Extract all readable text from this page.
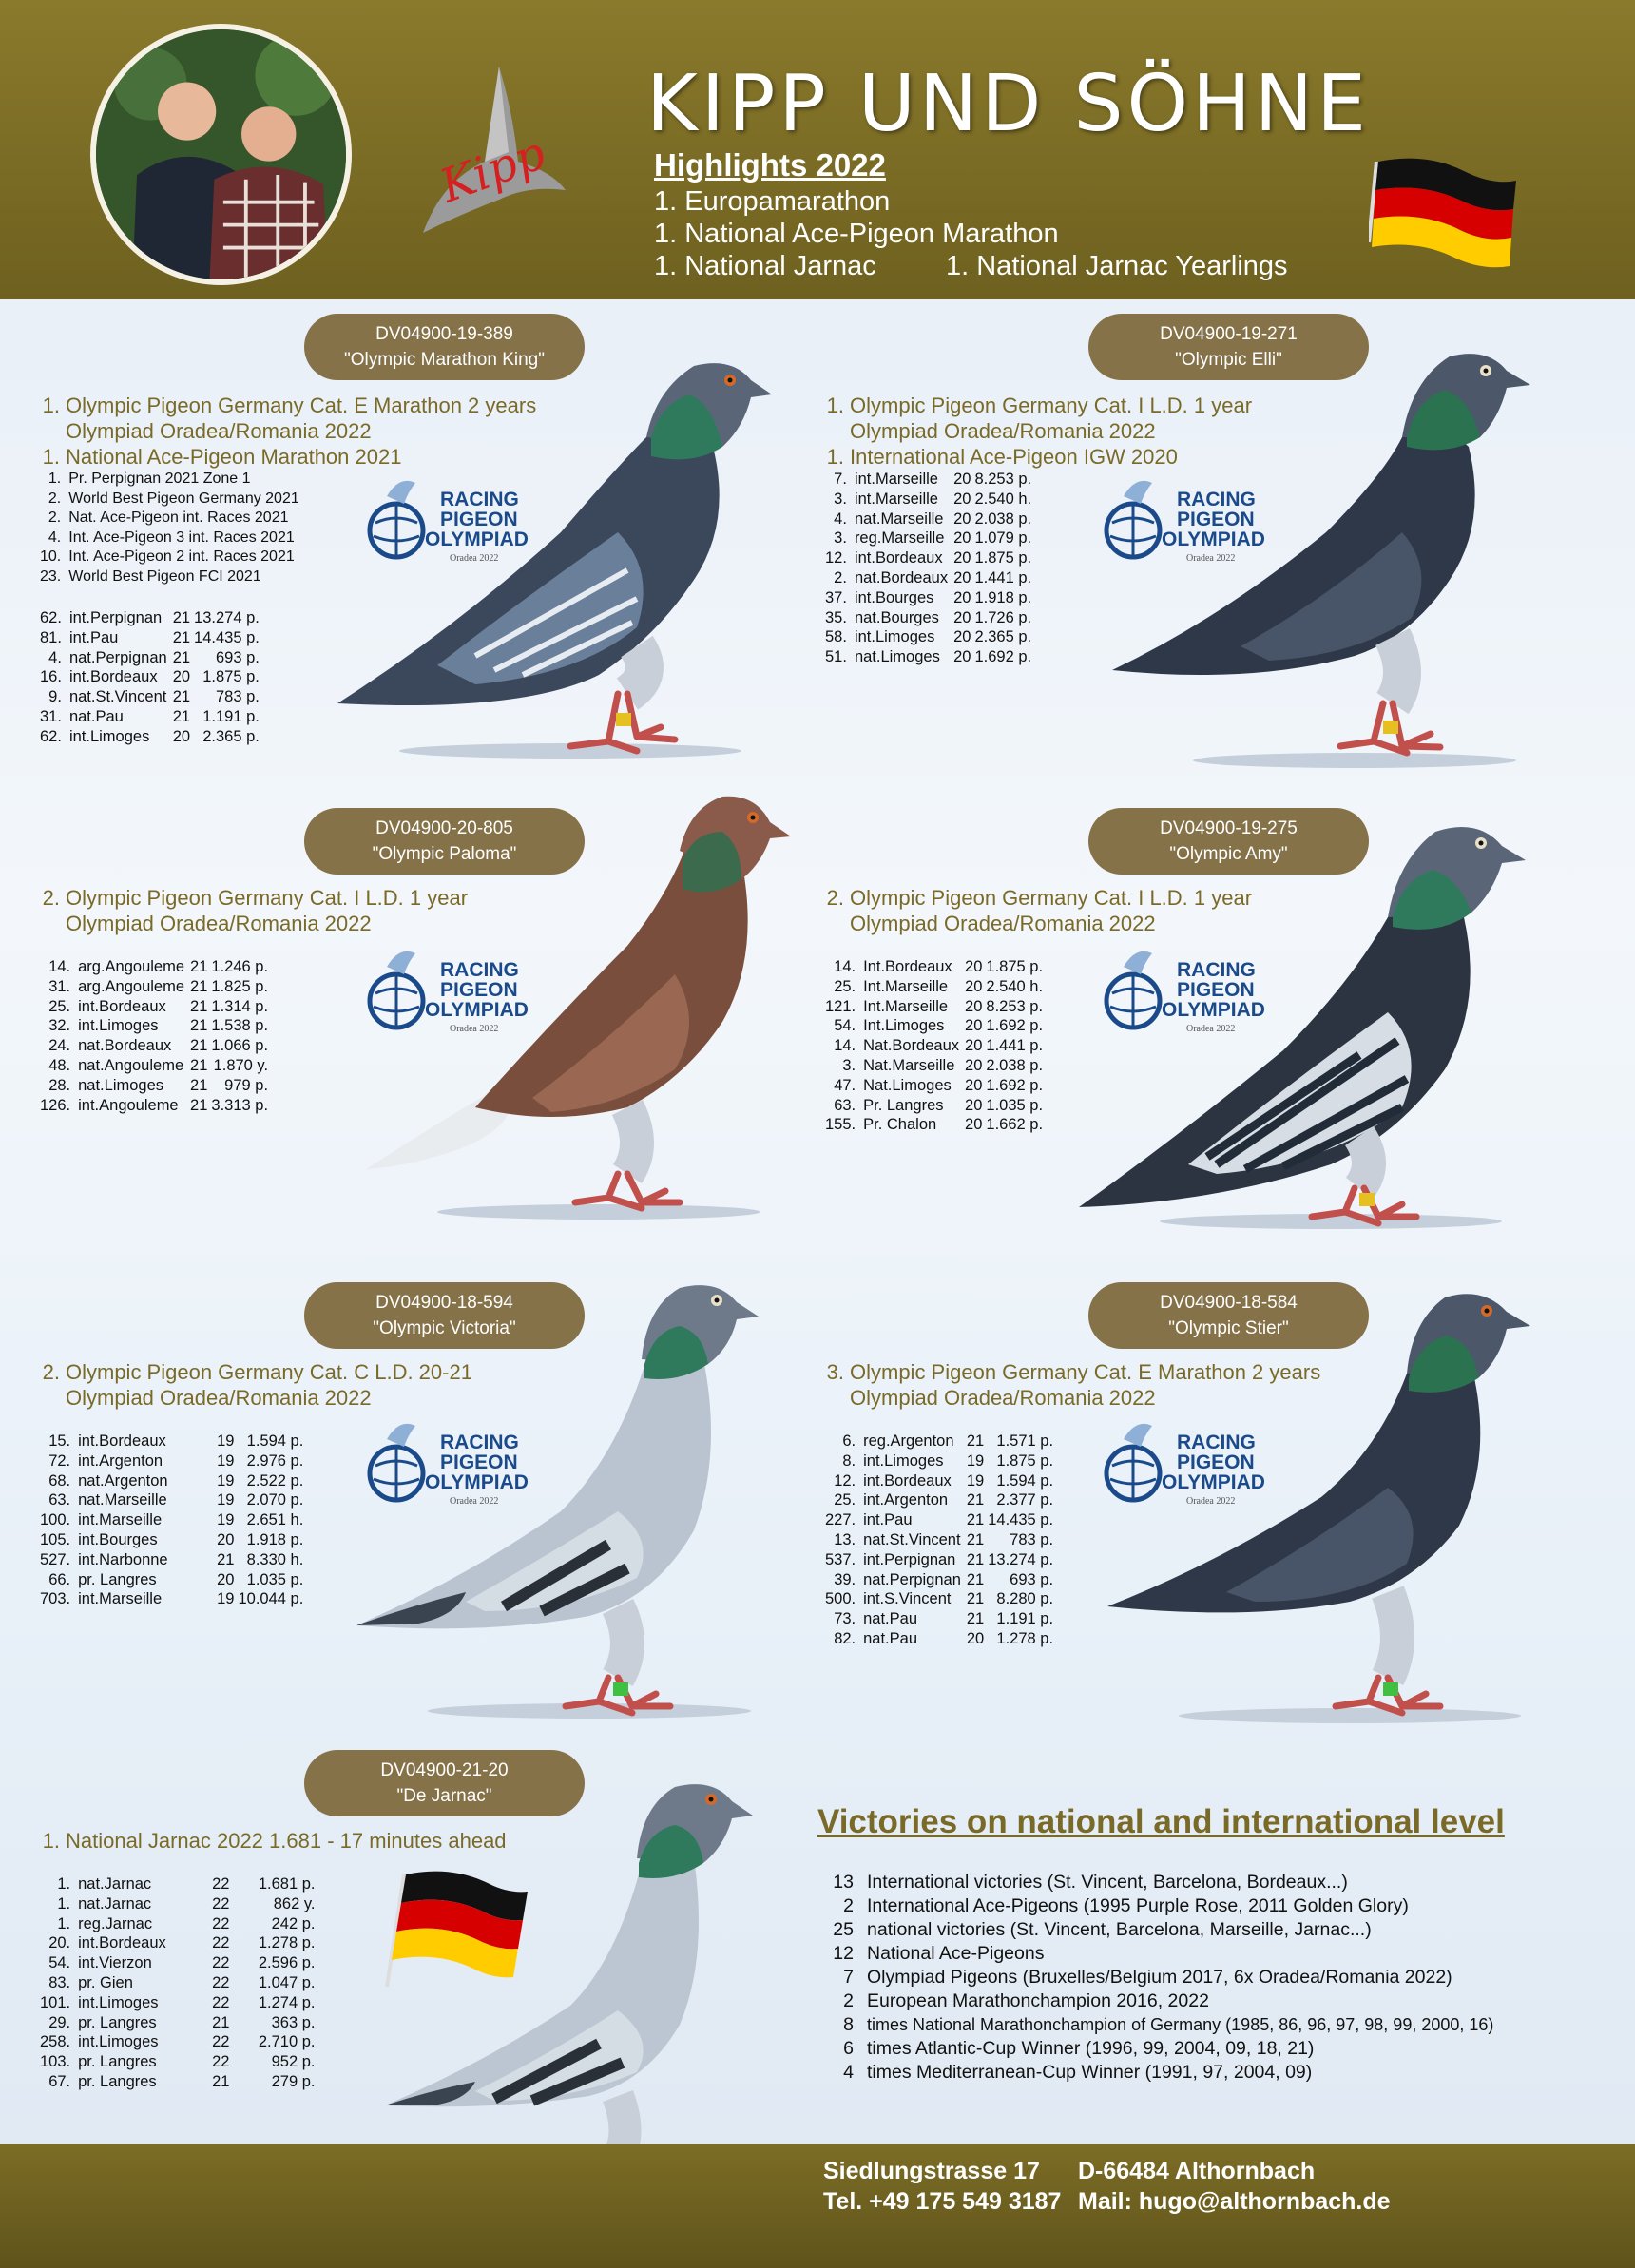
Kipp
KIPP UND SÖHNE
Highlights 2022
1. Europamarathon
1. National Ace-Pigeon Marathon
1. National Jarnac	1. National Jarnac Yearlings
DV04900-19-389
"Olympic Marathon King"
1. Olympic Pigeon Germany Cat. E Marathon 2 years
Olympiad Oradea/Romania 2022
1. National Ace-Pigeon Marathon 2021
1.	Pr. Perpignan 2021 Zone 1
2.	World Best Pigeon Germany 2021
2.	Nat. Ace-Pigeon int. Races 2021
4.	Int. Ace-Pigeon 3 int. Races 2021
10.	Int. Ace-Pigeon 2 int. Races 2021
23.	World Best Pigeon FCI 2021
62.	int.Perpignan	21	13.274 p.
81.	int.Pau	21	14.435 p.
4.	nat.Perpignan	21	693 p.
16.	int.Bordeaux	20	1.875 p.
9.	nat.St.Vincent	21	783 p.
31.	nat.Pau	21	1.191 p.
62.	int.Limoges	20	2.365 p.
RACING
PIGEON
OLYMPIAD
Oradea 2022
DV04900-19-271
"Olympic Elli"
1. Olympic Pigeon Germany Cat. I L.D. 1 year
Olympiad Oradea/Romania 2022
1. International Ace-Pigeon IGW 2020
7.	int.Marseille	20	8.253 p.
3.	int.Marseille	20	2.540 h.
4.	nat.Marseille	20	2.038 p.
3.	reg.Marseille	20	1.079 p.
12.	int.Bordeaux	20	1.875 p.
2.	nat.Bordeaux	20	1.441 p.
37.	int.Bourges	20	1.918 p.
35.	nat.Bourges	20	1.726 p.
58.	int.Limoges	20	2.365 p.
51.	nat.Limoges	20	1.692 p.
RACING
PIGEON
OLYMPIAD
Oradea 2022
DV04900-20-805
"Olympic Paloma"
2. Olympic Pigeon Germany Cat. I L.D. 1 year
Olympiad Oradea/Romania 2022
14.	arg.Angouleme	21	1.246 p.
31.	arg.Angouleme	21	1.825 p.
25.	int.Bordeaux	21	1.314 p.
32.	int.Limoges	21	1.538 p.
24.	nat.Bordeaux	21	1.066 p.
48.	nat.Angouleme	21	1.870 y.
28.	nat.Limoges	21	979 p.
126.	int.Angouleme	21	3.313 p.
RACING
PIGEON
OLYMPIAD
Oradea 2022
DV04900-19-275
"Olympic Amy"
2. Olympic Pigeon Germany Cat. I L.D. 1 year
Olympiad Oradea/Romania 2022
14.	Int.Bordeaux	20	1.875 p.
25.	Int.Marseille	20	2.540 h.
121.	Int.Marseille	20	8.253 p.
54.	Int.Limoges	20	1.692 p.
14.	Nat.Bordeaux	20	1.441 p.
3.	Nat.Marseille	20	2.038 p.
47.	Nat.Limoges	20	1.692 p.
63.	Pr. Langres	20	1.035 p.
155.	Pr. Chalon	20	1.662 p.
RACING
PIGEON
OLYMPIAD
Oradea 2022
DV04900-18-594
"Olympic Victoria"
2. Olympic Pigeon Germany Cat. C L.D. 20-21
Olympiad Oradea/Romania 2022
15.	int.Bordeaux	19	1.594 p.
72.	int.Argenton	19	2.976 p.
68.	nat.Argenton	19	2.522 p.
63.	nat.Marseille	19	2.070 p.
100.	int.Marseille	19	2.651 h.
105.	int.Bourges	20	1.918 p.
527.	int.Narbonne	21	8.330 h.
66.	pr. Langres	20	1.035 p.
703.	int.Marseille	19	10.044 p.
RACING
PIGEON
OLYMPIAD
Oradea 2022
DV04900-18-584
"Olympic Stier"
3. Olympic Pigeon Germany Cat. E Marathon 2 years
Olympiad Oradea/Romania 2022
6.	reg.Argenton	21	1.571 p.
8.	int.Limoges	19	1.875 p.
12.	int.Bordeaux	19	1.594 p.
25.	int.Argenton	21	2.377 p.
227.	int.Pau	21	14.435 p.
13.	nat.St.Vincent	21	783 p.
537.	int.Perpignan	21	13.274 p.
39.	nat.Perpignan	21	693 p.
500.	int.S.Vincent	21	8.280 p.
73.	nat.Pau	21	1.191 p.
82.	nat.Pau	20	1.278 p.
RACING
PIGEON
OLYMPIAD
Oradea 2022
DV04900-21-20
"De Jarnac"
1. National Jarnac 2022 1.681 - 17 minutes ahead
1.	nat.Jarnac	22	1.681 p.
1.	nat.Jarnac	22	862 y.
1.	reg.Jarnac	22	242 p.
20.	int.Bordeaux	22	1.278 p.
54.	int.Vierzon	22	2.596 p.
83.	pr. Gien	22	1.047 p.
101.	int.Limoges	22	1.274 p.
29.	pr. Langres	21	363 p.
258.	int.Limoges	22	2.710 p.
103.	pr. Langres	22	952 p.
67.	pr. Langres	21	279 p.
Victories on national and international level
13 International victories (St. Vincent, Barcelona, Bordeaux...)
2 International Ace-Pigeons (1995 Purple Rose, 2011 Golden Glory)
25 national victories (St. Vincent, Barcelona, Marseille, Jarnac...)
12 National Ace-Pigeons
7 Olympiad Pigeons (Bruxelles/Belgium 2017, 6x Oradea/Romania 2022)
2 European Marathonchampion 2016, 2022
8 times National Marathonchampion of Germany (1985, 86, 96, 97, 98, 99, 2000, 16)
6 times Atlantic-Cup Winner (1996, 99, 2004, 09, 18, 21)
4 times Mediterranean-Cup Winner (1991, 97, 2004, 09)
Siedlungstrasse 17 D-66484 Althornbach
Tel. +49 175 549 3187 Mail: hugo@althornbach.de
